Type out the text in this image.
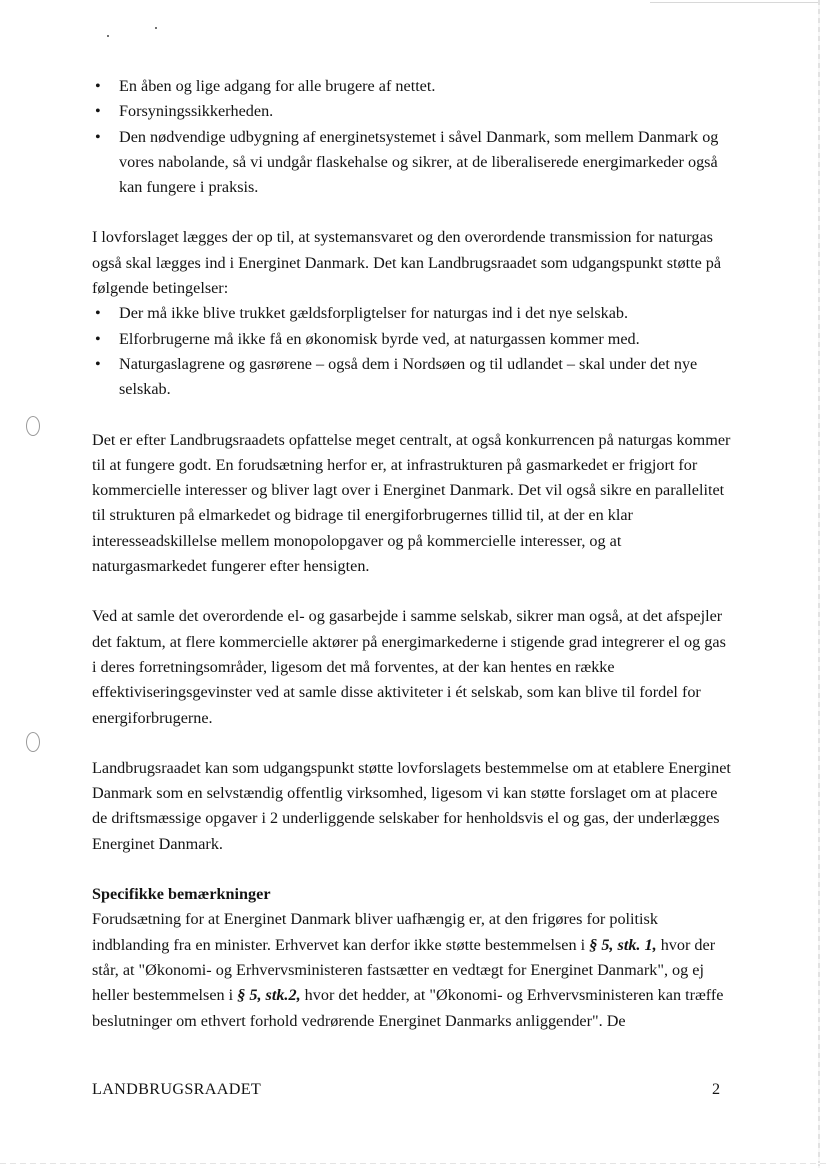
• En åben og lige adgang for alle brugere af nettet.
• Forsyningssikkerheden.
• Den nødvendige udbygning af energinetsystemet i såvel Danmark, som mellem Danmark og vores nabolande, så vi undgår flaskehalse og sikrer, at de liberaliserede energimarkeder også kan fungere i praksis.

I lovforslaget lægges der op til, at systemansvaret og den overordende transmission for naturgas også skal lægges ind i Energinet Danmark. Det kan Landbrugsraadet som udgangspunkt støtte på følgende betingelser:

• Der må ikke blive trukket gældsforpligtelser for naturgas ind i det nye selskab.
• Elforbrugerne må ikke få en økonomisk byrde ved, at naturgassen kommer med.
• Naturgaslagrene og gasrørene – også dem i Nordsøen og til udlandet – skal under det nye selskab.

Det er efter Landbrugsraadets opfattelse meget centralt, at også konkurrencen på naturgas kommer til at fungere godt. En forudsætning herfor er, at infrastrukturen på gasmarkedet er frigjort for kommercielle interesser og bliver lagt over i Energinet Danmark. Det vil også sikre en parallelitet til strukturen på elmarkedet og bidrage til energiforbrugernes tillid til, at der en klar interesseadskillelse mellem monopolopgaver og på kommercielle interesser, og at naturgasmarkedet fungerer efter hensigten.

Ved at samle det overordende el- og gasarbejde i samme selskab, sikrer man også, at det afspejler det faktum, at flere kommercielle aktører på energimarkederne i stigende grad integrerer el og gas i deres forretningsområder, ligesom det må forventes, at der kan hentes en række effektiviseringsgevinster ved at samle disse aktiviteter i ét selskab, som kan blive til fordel for energiforbrugerne.

Landbrugsraadet kan som udgangspunkt støtte lovforslagets bestemmelse om at etablere Energinet Danmark som en selvstændig offentlig virksomhed, ligesom vi kan støtte forslaget om at placere de driftsmæssige opgaver i 2 underliggende selskaber for henholdsvis el og gas, der underlægges Energinet Danmark.

Specifikke bemærkninger

Forudsætning for at Energinet Danmark bliver uafhængig er, at den frigøres for politisk indblanding fra en minister. Erhvervet kan derfor ikke støtte bestemmelsen i § 5, stk. 1, hvor der står, at "Økonomi- og Erhvervsministeren fastsætter en vedtægt for Energinet Danmark", og ej heller bestemmelsen i § 5, stk.2, hvor det hedder, at "Økonomi- og Erhvervsministeren kan træffe beslutninger om ethvert forhold vedrørende Energinet Danmarks anliggender". De

LANDBRUGSRAADET	2
